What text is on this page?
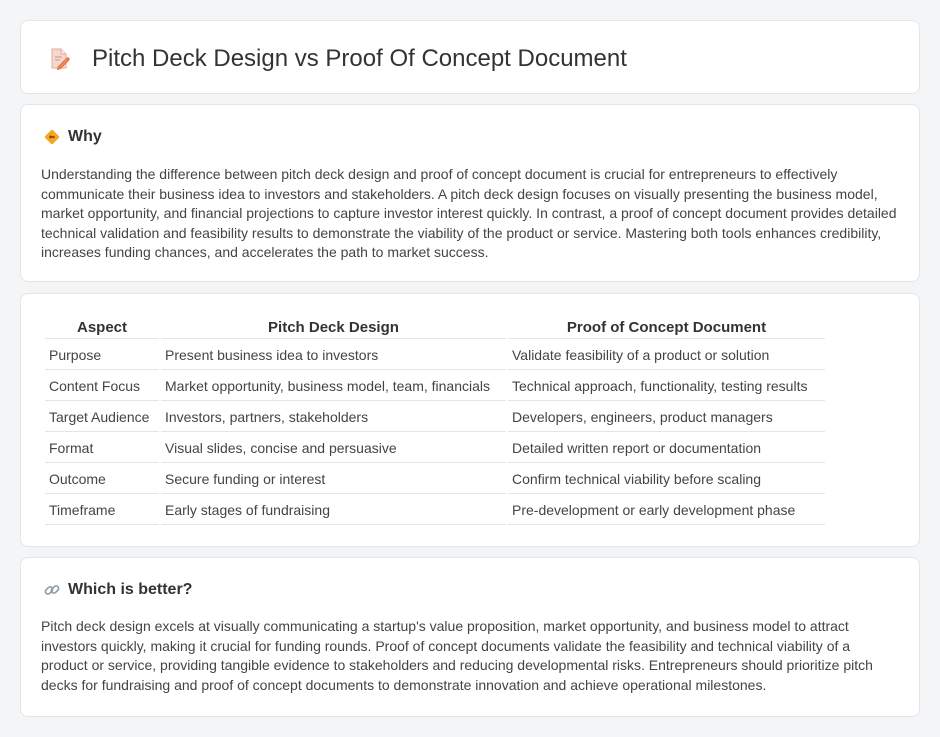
Pitch Deck Design vs Proof Of Concept Document
Why

Understanding the difference between pitch deck design and proof of concept document is crucial for entrepreneurs to effectively communicate their business idea to investors and stakeholders. A pitch deck design focuses on visually presenting the business model, market opportunity, and financial projections to capture investor interest quickly. In contrast, a proof of concept document provides detailed technical validation and feasibility results to demonstrate the viability of the product or service. Mastering both tools enhances credibility, increases funding chances, and accelerates the path to market success.

Aspect	Pitch Deck Design	Proof of Concept Document
Purpose	Present business idea to investors	Validate feasibility of a product or solution
Content Focus	Market opportunity, business model, team, financials	Technical approach, functionality, testing results
Target Audience	Investors, partners, stakeholders	Developers, engineers, product managers
Format	Visual slides, concise and persuasive	Detailed written report or documentation
Outcome	Secure funding or interest	Confirm technical viability before scaling
Timeframe	Early stages of fundraising	Pre-development or early development phase
Which is better?

Pitch deck design excels at visually communicating a startup's value proposition, market opportunity, and business model to attract investors quickly, making it crucial for funding rounds. Proof of concept documents validate the feasibility and technical viability of a product or service, providing tangible evidence to stakeholders and reducing developmental risks. Entrepreneurs should prioritize pitch decks for fundraising and proof of concept documents to demonstrate innovation and achieve operational milestones.
